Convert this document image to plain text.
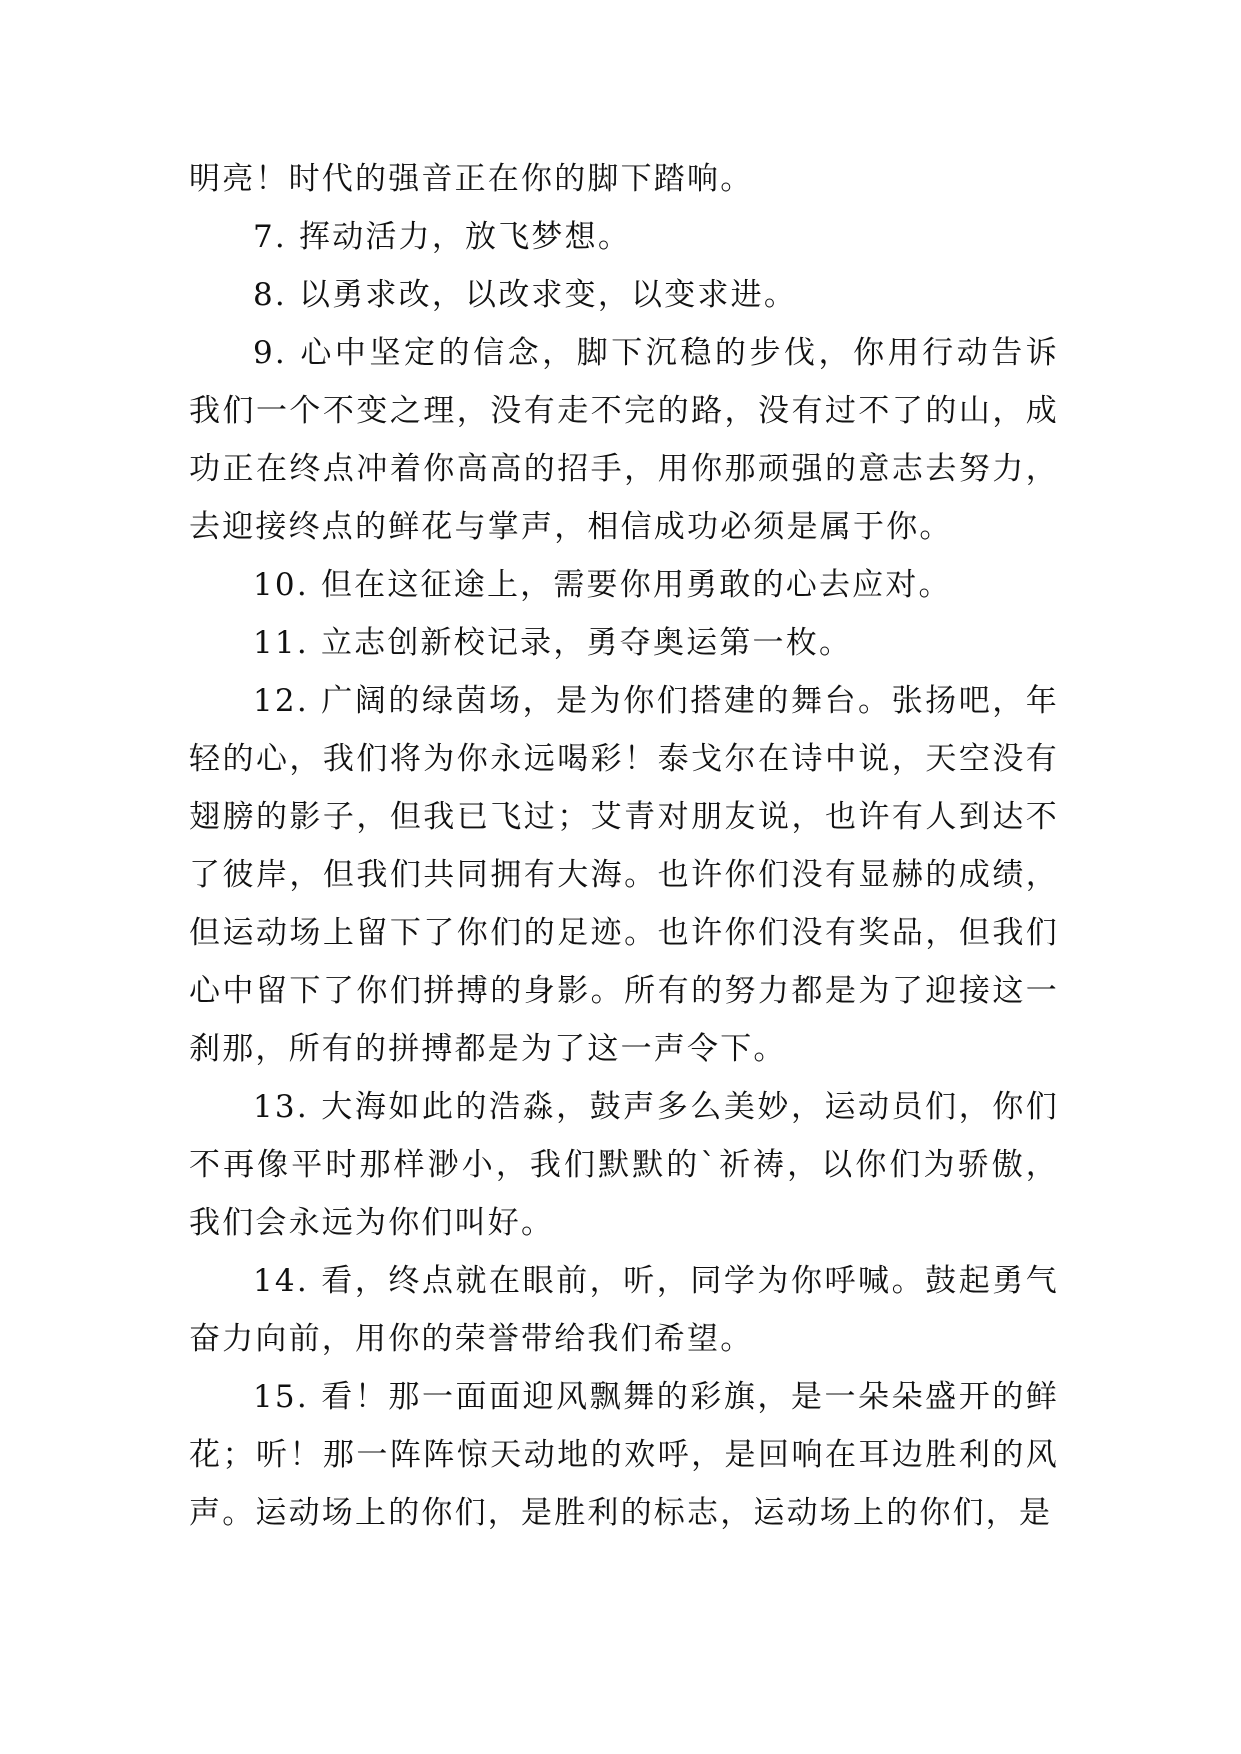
明亮！时代的强音正在你的脚下踏响。

7. 挥动活力，放飞梦想。

8. 以勇求改，以改求变，以变求进。

9. 心中坚定的信念，脚下沉稳的步伐，你用行动告诉我们一个不变之理，没有走不完的路，没有过不了的山，成功正在终点冲着你高高的招手，用你那顽强的意志去努力，去迎接终点的鲜花与掌声，相信成功必须是属于你。

10. 但在这征途上，需要你用勇敢的心去应对。

11. 立志创新校记录，勇夺奥运第一枚。

12. 广阔的绿茵场，是为你们搭建的舞台。张扬吧，年轻的心，我们将为你永远喝彩！泰戈尔在诗中说，天空没有翅膀的影子，但我已飞过；艾青对朋友说，也许有人到达不了彼岸，但我们共同拥有大海。也许你们没有显赫的成绩，但运动场上留下了你们的足迹。也许你们没有奖品，但我们心中留下了你们拼搏的身影。所有的努力都是为了迎接这一刹那，所有的拼搏都是为了这一声令下。

13. 大海如此的浩淼，鼓声多么美妙，运动员们，你们不再像平时那样渺小，我们默默的`祈祷，以你们为骄傲，我们会永远为你们叫好。

14. 看，终点就在眼前，听，同学为你呼喊。鼓起勇气奋力向前，用你的荣誉带给我们希望。

15. 看！那一面面迎风飘舞的彩旗，是一朵朵盛开的鲜花；听！那一阵阵惊天动地的欢呼，是回响在耳边胜利的风声。运动场上的你们，是胜利的标志，运动场上的你们，是
